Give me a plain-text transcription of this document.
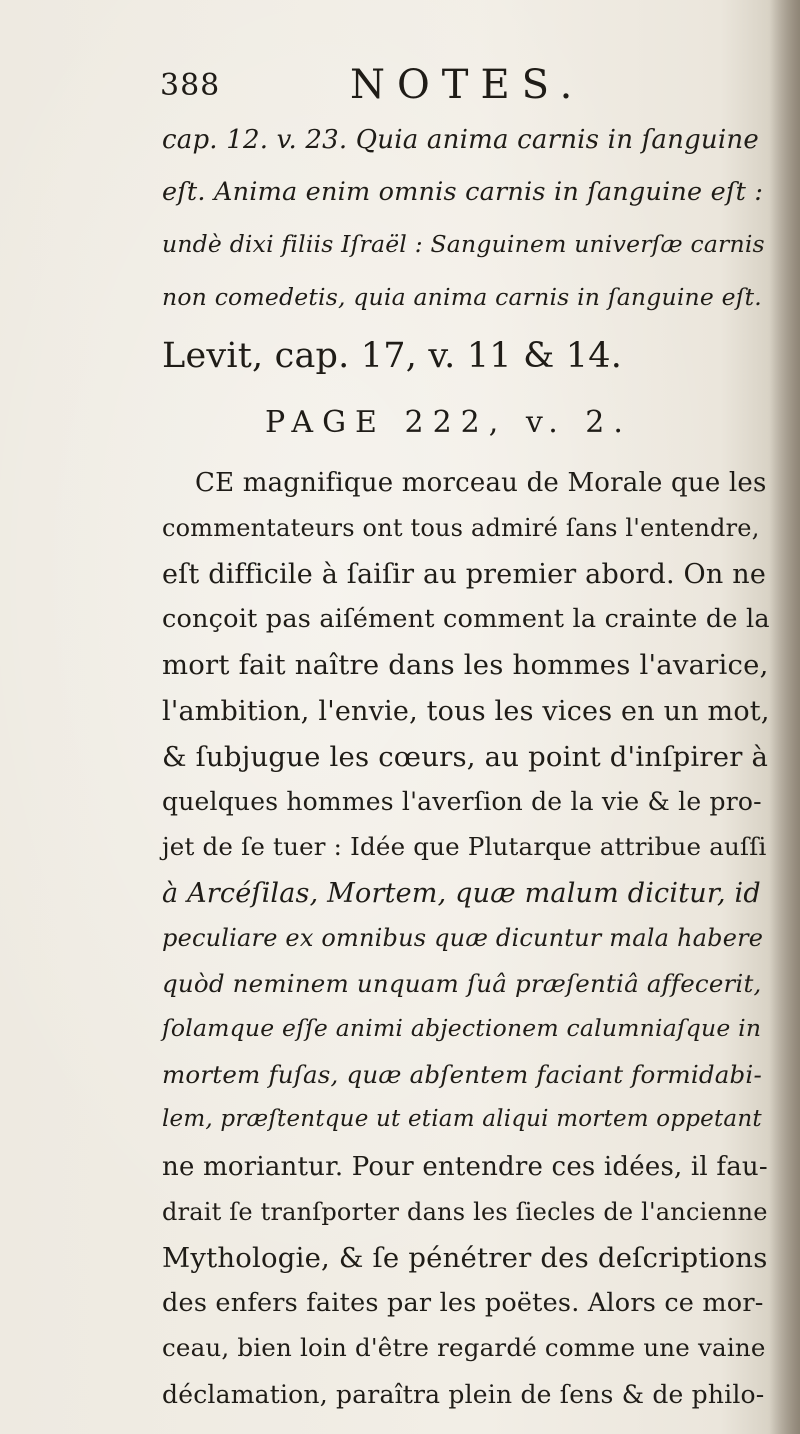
388	NOTES.
cap. 12. v. 23. Quia anima carnis in ſanguine
eſt. Anima enim omnis carnis in ſanguine eſt :
undè dixi filiis Iſraël : Sanguinem univerſæ carnis
non comedetis, quia anima carnis in ſanguine eſt.
Levit, cap. 17, v. 11 & 14.
PAGE 222, v. 2.
CE magnifique morceau de Morale que les
commentateurs ont tous admiré ſans l'entendre,
eſt difficile à ſaiſir au premier abord. On ne
conçoit pas aiſément comment la crainte de la
mort fait naître dans les hommes l'avarice,
l'ambition, l'envie, tous les vices en un mot,
& ſubjugue les cœurs, au point d'inſpirer à
quelques hommes l'averſion de la vie & le pro-
jet de ſe tuer : Idée que Plutarque attribue auſſi
à Arcéſilas, Mortem, quæ malum dicitur, id
peculiare ex omnibus quæ dicuntur mala habere
quòd neminem unquam ſuâ præſentiâ affecerit,
ſolamque eſſe animi abjectionem calumniaſque in
mortem fuſas, quæ abſentem faciant formidabi-
lem, præſtentque ut etiam aliqui mortem oppetant
ne moriantur. Pour entendre ces idées, il fau-
drait ſe tranſporter dans les ſiecles de l'ancienne
Mythologie, & ſe pénétrer des deſcriptions
des enfers faites par les poëtes. Alors ce mor-
ceau, bien loin d'être regardé comme une vaine
déclamation, paraîtra plein de ſens & de philo-
